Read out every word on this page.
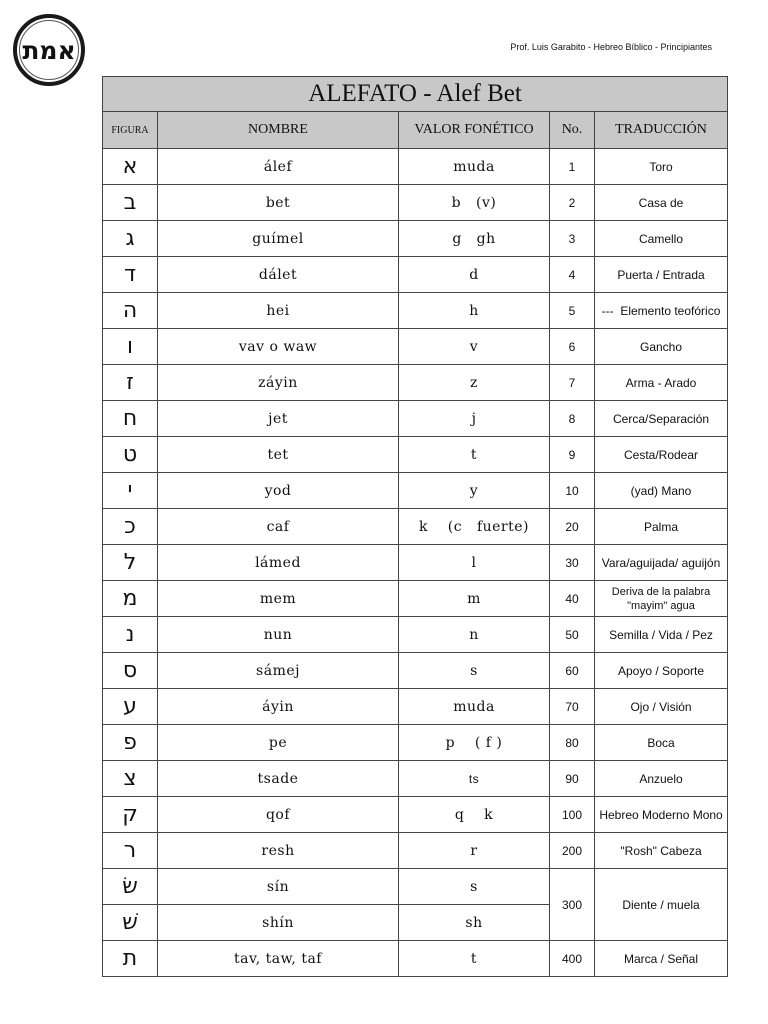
אמת	Prof. Luis Garabito - Hebreo Bíblico - Principiantes
ALEFATO - Alef Bet				
FIGURA	NOMBRE	VALOR FONÉTICO	No.	TRADUCCIÓN
א	álef	muda	1	Toro
ב	bet	b   (v)	2	Casa de
ג	guímel	g   gh	3	Camello
ד	dálet	d	4	Puerta / Entrada
ה	hei	h	5	---  Elemento teofórico
ו	vav o waw	v	6	Gancho
ז	záyin	z	7	Arma - Arado
ח	jet	j	8	Cerca/Separación
ט	tet	t	9	Cesta/Rodear
י	yod	y	10	(yad) Mano
כ	caf	k    (c   fuerte)	20	Palma
ל	lámed	l	30	Vara/aguijada/ aguijón
מ	mem	m	40	Deriva de la palabra "mayim" agua
נ	nun	n	50	Semilla / Vida / Pez
ס	sámej	s	60	Apoyo / Soporte
ע	áyin	muda	70	Ojo / Visión
פ	pe	p    ( f )	80	Boca
צ	tsade	ts	90	Anzuelo
ק	qof	q    k	100	Hebreo Moderno Mono
ר	resh	r	200	"Rosh" Cabeza
שׂ	sín	s	300	Diente / muela
שׁ	shín	sh		
ת	tav, taw, taf	t	400	Marca / Señal
